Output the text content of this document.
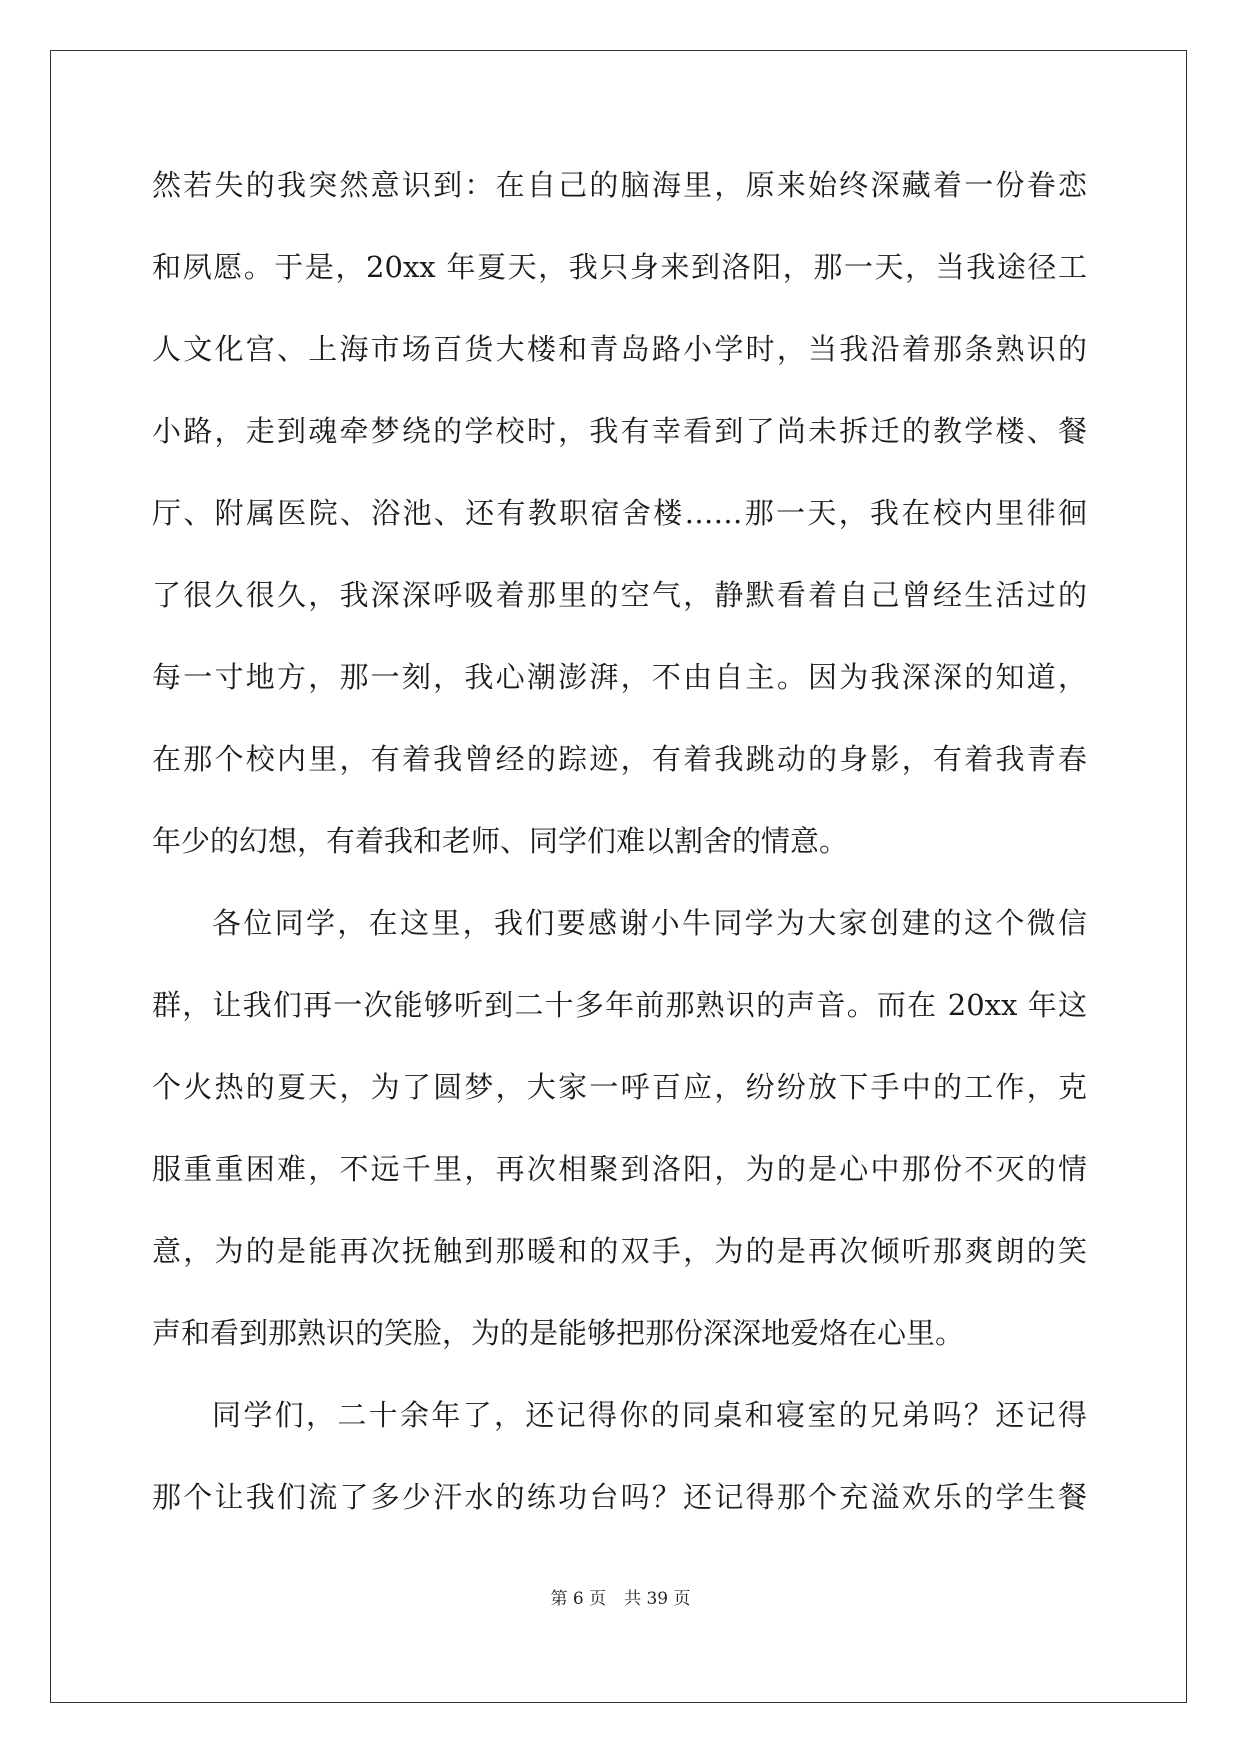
然若失的我突然意识到：在自己的脑海里，原来始终深藏着一份眷恋
和夙愿。于是，20xx 年夏天，我只身来到洛阳，那一天，当我途径工
人文化宫、上海市场百货大楼和青岛路小学时，当我沿着那条熟识的
小路，走到魂牵梦绕的学校时，我有幸看到了尚未拆迁的教学楼、餐
厅、附属医院、浴池、还有教职宿舍楼……那一天，我在校内里徘徊
了很久很久，我深深呼吸着那里的空气，静默看着自己曾经生活过的
每一寸地方，那一刻，我心潮澎湃，不由自主。因为我深深的知道，
在那个校内里，有着我曾经的踪迹，有着我跳动的身影，有着我青春
年少的幻想，有着我和老师、同学们难以割舍的情意。
各位同学，在这里，我们要感谢小牛同学为大家创建的这个微信
群，让我们再一次能够听到二十多年前那熟识的声音。而在 20xx 年这
个火热的夏天，为了圆梦，大家一呼百应，纷纷放下手中的工作，克
服重重困难，不远千里，再次相聚到洛阳，为的是心中那份不灭的情
意，为的是能再次抚触到那暖和的双手，为的是再次倾听那爽朗的笑
声和看到那熟识的笑脸，为的是能够把那份深深地爱烙在心里。
同学们，二十余年了，还记得你的同桌和寝室的兄弟吗？还记得
那个让我们流了多少汗水的练功台吗？还记得那个充溢欢乐的学生餐
第 6 页 共 39 页
